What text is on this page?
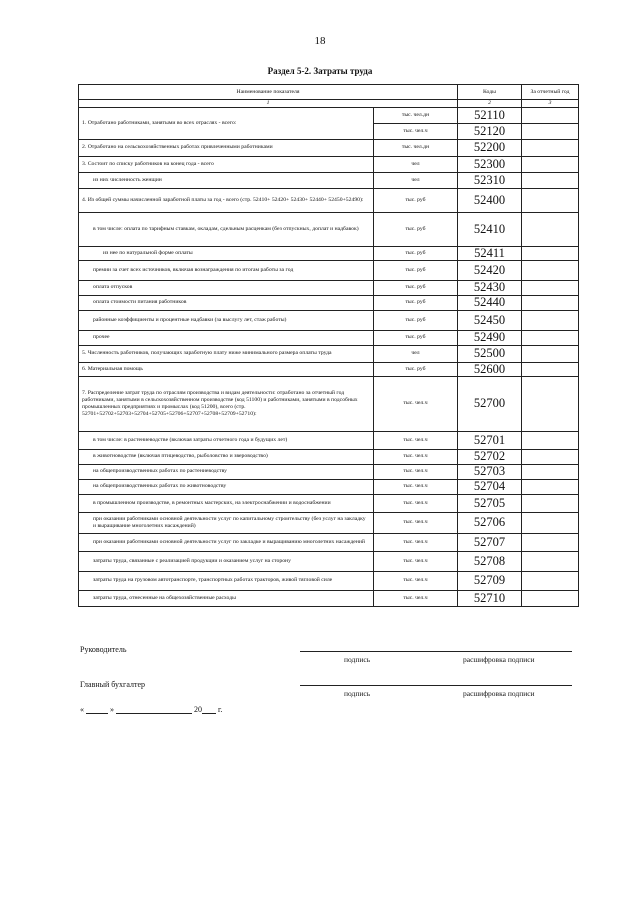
18
Раздел 5-2. Затраты труда
Наименование показателя		Коды	За отчетный год
1		2	3
1. Отработано работниками, занятыми во всех отраслях - всего:	тыс. чел.дн	52110	
	тыс. чел.ч	52120	
2. Отработано на сельскохозяйственных работах привлеченными работниками	тыс. чел.дн	52200	
3. Состоит по списку работников на конец года - всего	чел	52300	
из них численность женщин	чел	52310	
4. Из общей суммы начисленной заработной платы за год - всего (стр. 52410+ 52420+ 52430+ 52440+ 52450+52490):	тыс. руб	52400	
в том числе: оплата по тарифным ставкам, окладам, сдельным расценкам (без отпускных, доплат и надбавок)	тыс. руб	52410	
из нее по натуральной форме оплаты	тыс. руб	52411	
премии за счет всех источников, включая вознаграждения по итогам работы за год	тыс. руб	52420	
оплата отпусков	тыс. руб	52430	
оплата стоимости питания работников	тыс. руб	52440	
районные коэффициенты и процентные надбавки (за выслугу лет, стаж работы)	тыс. руб	52450	
прочее	тыс. руб	52490	
5. Численность работников, получающих заработную плату ниже минимального размера оплаты труда	чел	52500	
6. Материальная помощь	тыс. руб	52600	
7. Распределение затрат труда по отраслям производства и видам деятельности: отработано за отчетный год работниками, занятыми в сельскохозяйственном производстве (код 51100) и работниками, занятыми в подсобных промышленных предприятиях и промыслах (код 51200), всего (стр. 52701+52702+52703+52704+52705+52706+52707+52708+52709+52710):	тыс. чел.ч	52700	
в том числе: в растениеводстве (включая затраты отчетного года и будущих лет)	тыс. чел.ч	52701	
в животноводстве (включая птицеводство, рыболовство и звероводство)	тыс. чел.ч	52702	
на общепроизводственных работах по растениеводству	тыс. чел.ч	52703	
на общепроизводственных работах по животноводству	тыс. чел.ч	52704	
в промышленном производстве, в ремонтных мастерских, на электроснабжении и водоснабжении	тыс. чел.ч	52705	
при оказании работниками основной деятельности услуг по капитальному строительству (без услуг на закладку и выращивание многолетних насаждений)	тыс. чел.ч	52706	
при оказании работниками основной деятельности услуг по закладке и выращиванию многолетних насаждений	тыс. чел.ч	52707	
затраты труда, связанные с реализацией продукции и оказанием услуг на сторону	тыс. чел.ч	52708	
затраты труда на грузовом автотранспорте, транспортных работах тракторов, живой тягловой силе	тыс. чел.ч	52709	
затраты труда, отнесенные на общехозяйственные расходы	тыс. чел.ч	52710	
Руководитель
подпись	расшифровка подписи
Главный бухгалтер
подпись	расшифровка подписи
«	»	20 г.
